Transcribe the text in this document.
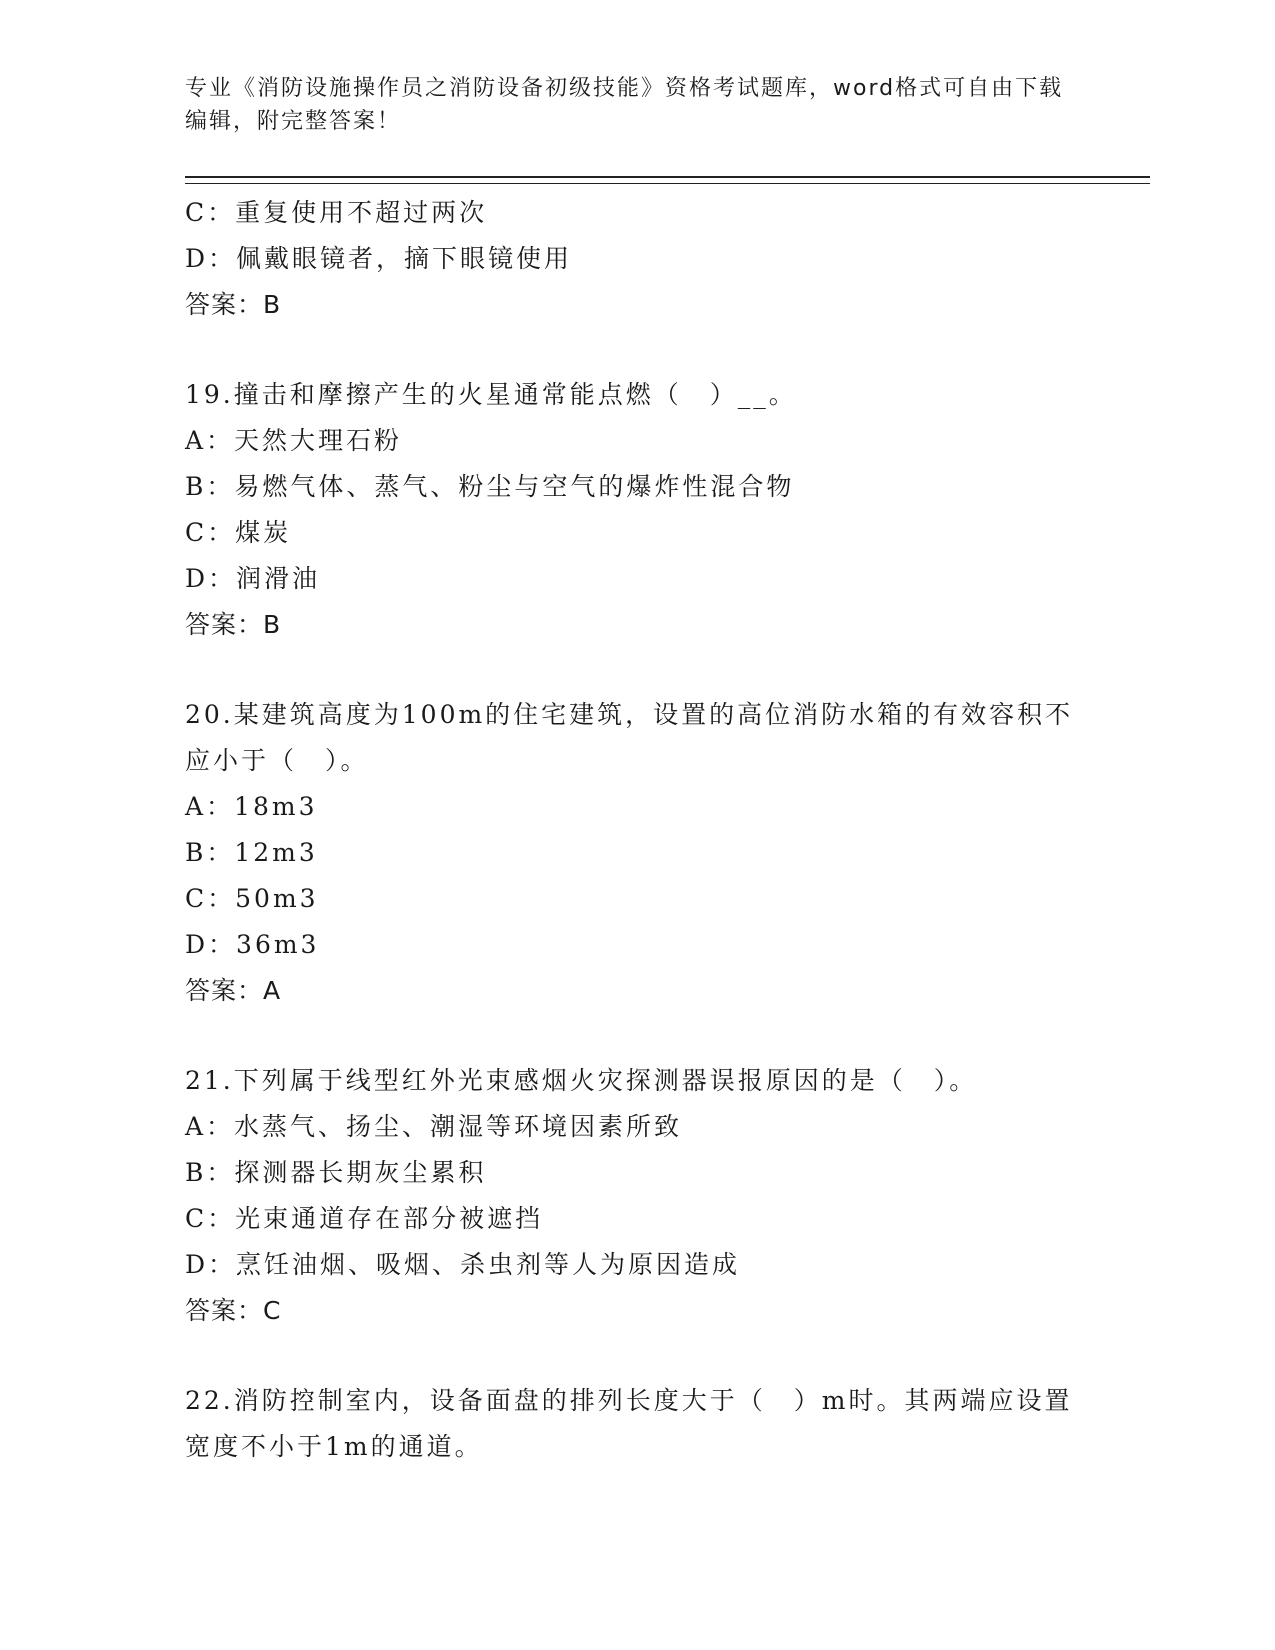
专业《消防设施操作员之消防设备初级技能》资格考试题库，word格式可自由下载编辑，附完整答案！
C：重复使用不超过两次
D：佩戴眼镜者，摘下眼镜使用
答案：B
19.撞击和摩擦产生的火星通常能点燃（　）__。
A：天然大理石粉
B：易燃气体、蒸气、粉尘与空气的爆炸性混合物
C：煤炭
D：润滑油
答案：B
20.某建筑高度为100m的住宅建筑，设置的高位消防水箱的有效容积不应小于（　）。
A：18m3
B：12m3
C：50m3
D：36m3
答案：A
21.下列属于线型红外光束感烟火灾探测器误报原因的是（　）。
A：水蒸气、扬尘、潮湿等环境因素所致
B：探测器长期灰尘累积
C：光束通道存在部分被遮挡
D：烹饪油烟、吸烟、杀虫剂等人为原因造成
答案：C
22.消防控制室内，设备面盘的排列长度大于（　）m时。其两端应设置宽度不小于1m的通道。
